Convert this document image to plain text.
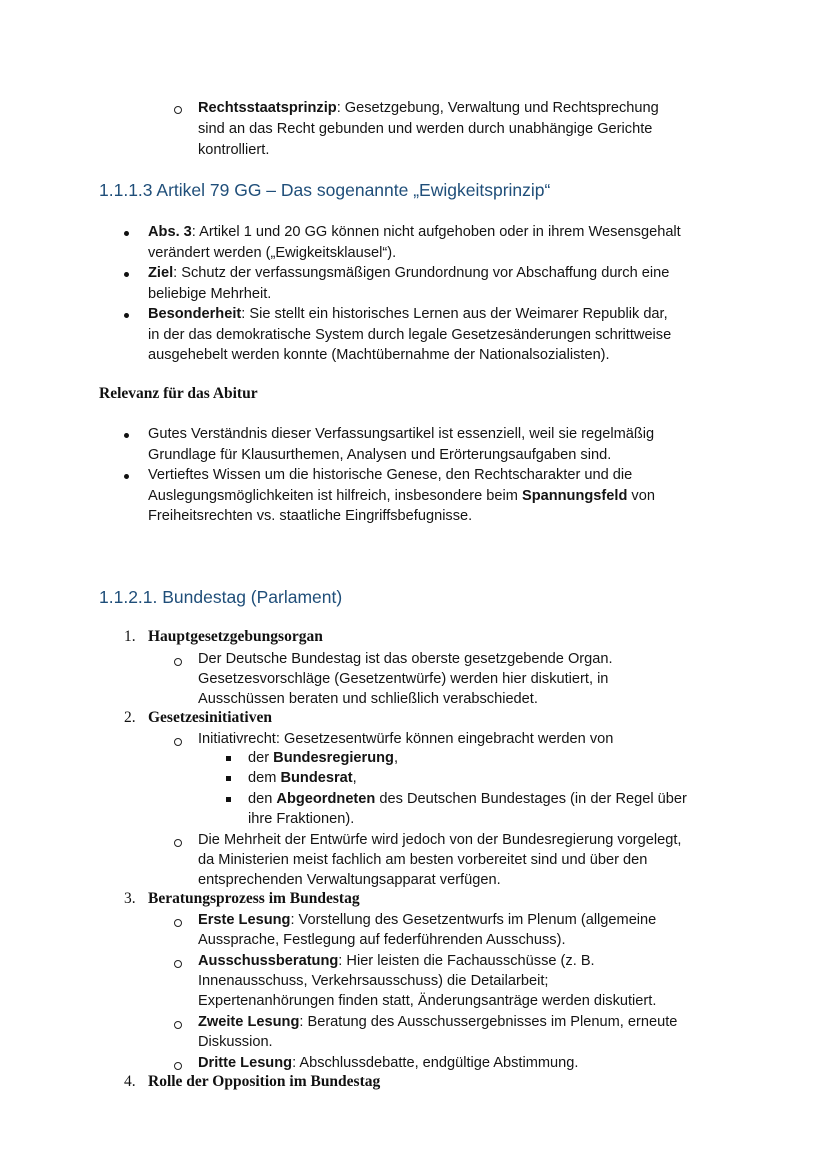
Rechtsstaatsprinzip: Gesetzgebung, Verwaltung und Rechtsprechung
sind an das Recht gebunden und werden durch unabhängige Gerichte
kontrolliert.
1.1.1.3 Artikel 79 GG – Das sogenannte „Ewigkeitsprinzip“
Abs. 3: Artikel 1 und 20 GG können nicht aufgehoben oder in ihrem Wesensgehalt
verändert werden („Ewigkeitsklausel“).
Ziel: Schutz der verfassungsmäßigen Grundordnung vor Abschaffung durch eine
beliebige Mehrheit.
Besonderheit: Sie stellt ein historisches Lernen aus der Weimarer Republik dar,
in der das demokratische System durch legale Gesetzesänderungen schrittweise
ausgehebelt werden konnte (Machtübernahme der Nationalsozialisten).
Relevanz für das Abitur
Gutes Verständnis dieser Verfassungsartikel ist essenziell, weil sie regelmäßig
Grundlage für Klausurthemen, Analysen und Erörterungsaufgaben sind.
Vertieftes Wissen um die historische Genese, den Rechtscharakter und die
Auslegungsmöglichkeiten ist hilfreich, insbesondere beim Spannungsfeld von
Freiheitsrechten vs. staatliche Eingriffsbefugnisse.
1.1.2.1. Bundestag (Parlament)
1. Hauptgesetzgebungsorgan
Der Deutsche Bundestag ist das oberste gesetzgebende Organ.
Gesetzesvorschläge (Gesetzentwürfe) werden hier diskutiert, in
Ausschüssen beraten und schließlich verabschiedet.
2. Gesetzesinitiativen
Initiativrecht: Gesetzesentwürfe können eingebracht werden von
der Bundesregierung,
dem Bundesrat,
den Abgeordneten des Deutschen Bundestages (in der Regel über
ihre Fraktionen).
Die Mehrheit der Entwürfe wird jedoch von der Bundesregierung vorgelegt,
da Ministerien meist fachlich am besten vorbereitet sind und über den
entsprechenden Verwaltungsapparat verfügen.
3. Beratungsprozess im Bundestag
Erste Lesung: Vorstellung des Gesetzentwurfs im Plenum (allgemeine
Aussprache, Festlegung auf federführenden Ausschuss).
Ausschussberatung: Hier leisten die Fachausschüsse (z. B.
Innenausschuss, Verkehrsausschuss) die Detailarbeit;
Expertenanhörungen finden statt, Änderungsanträge werden diskutiert.
Zweite Lesung: Beratung des Ausschussergebnisses im Plenum, erneute
Diskussion.
Dritte Lesung: Abschlussdebatte, endgültige Abstimmung.
4. Rolle der Opposition im Bundestag
